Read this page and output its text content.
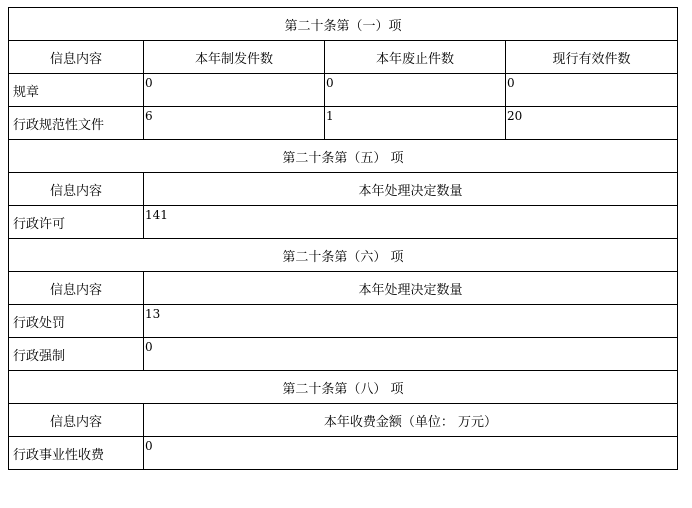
第二十条第（一）项			
信息内容	本年制发件数	本年废止件数	现行有效件数
规章	0	0	0
行政规范性文件	6	1	20
第二十条第（五） 项			
信息内容	本年处理决定数量		
行政许可	141		
第二十条第（六） 项			
信息内容	本年处理决定数量		
行政处罚	13		
行政强制	0		
第二十条第（八） 项			
信息内容	本年收费金额（单位： 万元）		
行政事业性收费	0		
